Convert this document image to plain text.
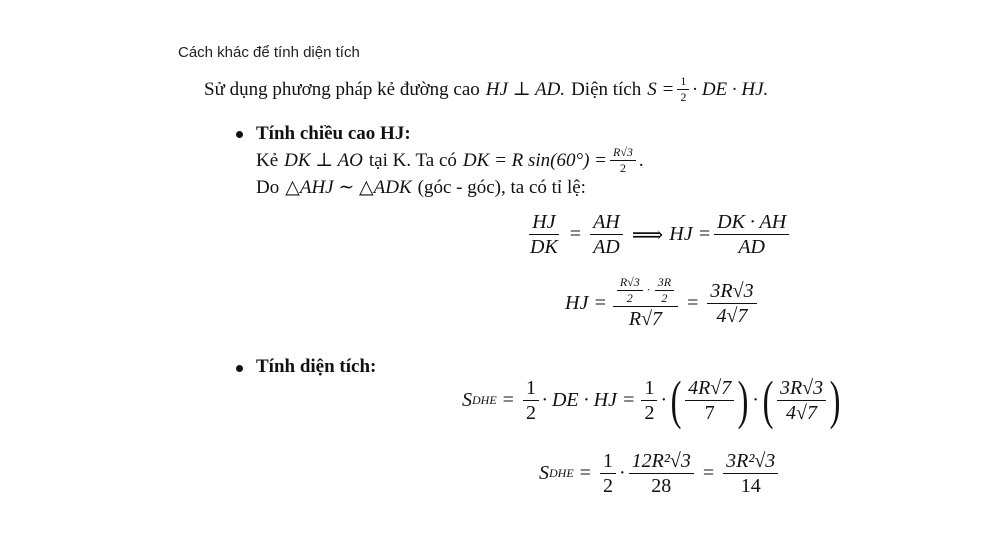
Cách khác để tính diện tích
Sử dụng phương pháp kẻ đường cao HJ ⊥ AD. Diện tích $S = \frac{1}{2}$ · DE · HJ.
Tính chiều cao HJ:
Kẻ DK ⊥ AO tại K. Ta có DK = R $\sin(60^\circ) = \frac{R√3}{2}$ .
Do △AHJ ∼ △ADK (góc - góc), ta có tỉ lệ:
$\frac{HJ}{DK} = \frac{AH}{AD}$ ⟹ HJ = $\frac{DK \cdot AH}{AD}$
HJ = $\frac{R√3}{2} \cdot \frac{3R}{2}$
R√7
= $\frac{3R√3}{4√7}$
Tính diện tích:
S DHE = $\frac{1}{2}$ · DE · HJ = $\frac{1}{2}$ · ( $\frac{4R√7}{7}$ ) · ( $\frac{3R√3}{4√7}$ )
S DHE = $\frac{1}{2} \cdot \frac{\text{12R²√3}}{28} = \frac{\text{3R²√3}}{14}$
